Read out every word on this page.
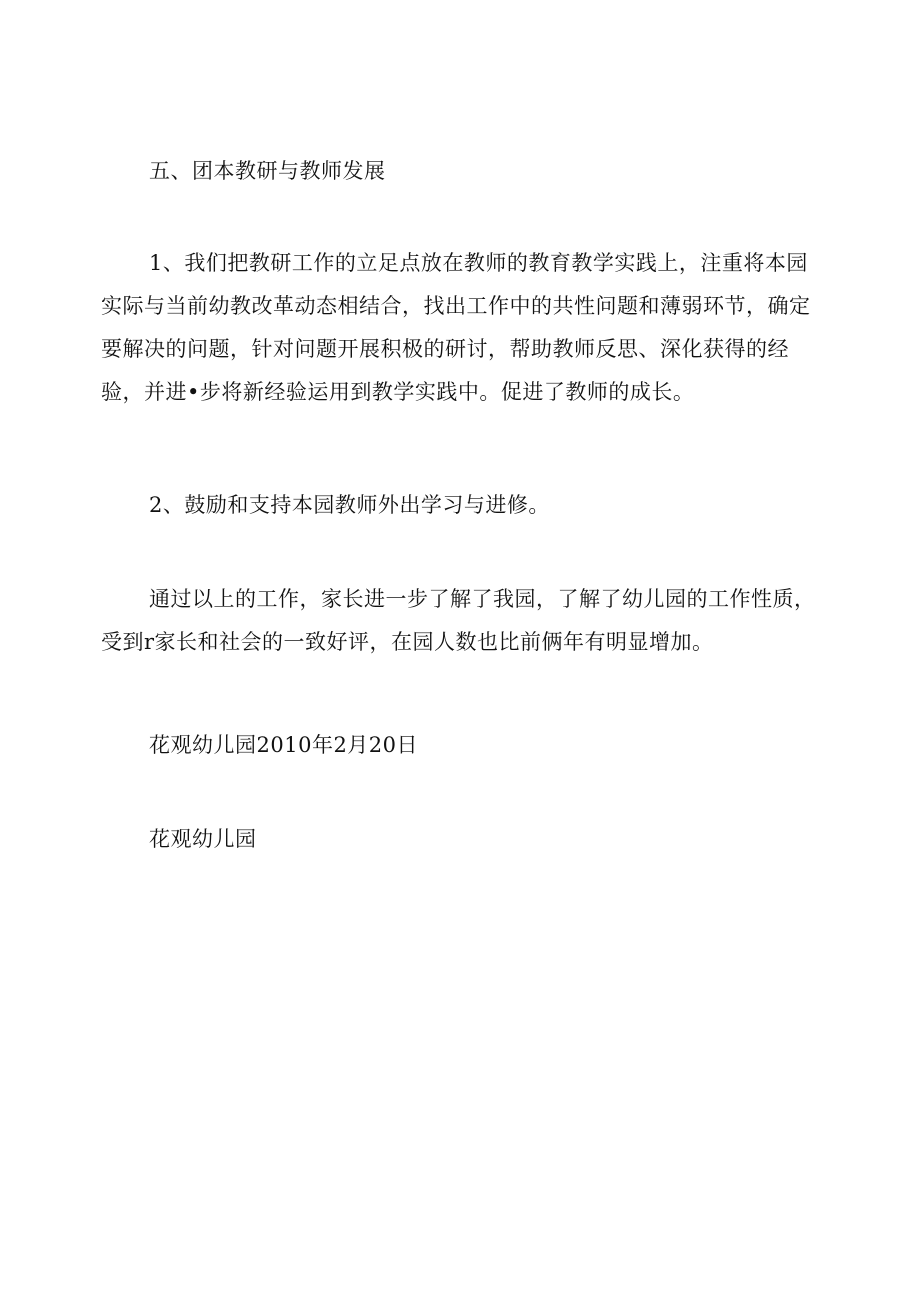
五、团本教研与教师发展
1、我们把教研工作的立足点放在教师的教育教学实践上，注重将本园
实际与当前幼教改革动态相结合，找出工作中的共性问题和薄弱环节，确定
要解决的问题，针对问题开展积极的研讨，帮助教师反思、深化获得的经
验，并进•步将新经验运用到教学实践中。促进了教师的成长。
2、鼓励和支持本园教师外出学习与进修。
通过以上的工作，家长进一步了解了我园，了解了幼儿园的工作性质，
受到r家长和社会的一致好评，在园人数也比前俩年有明显增加。
花观幼儿园2010年2月20日
花观幼儿园
